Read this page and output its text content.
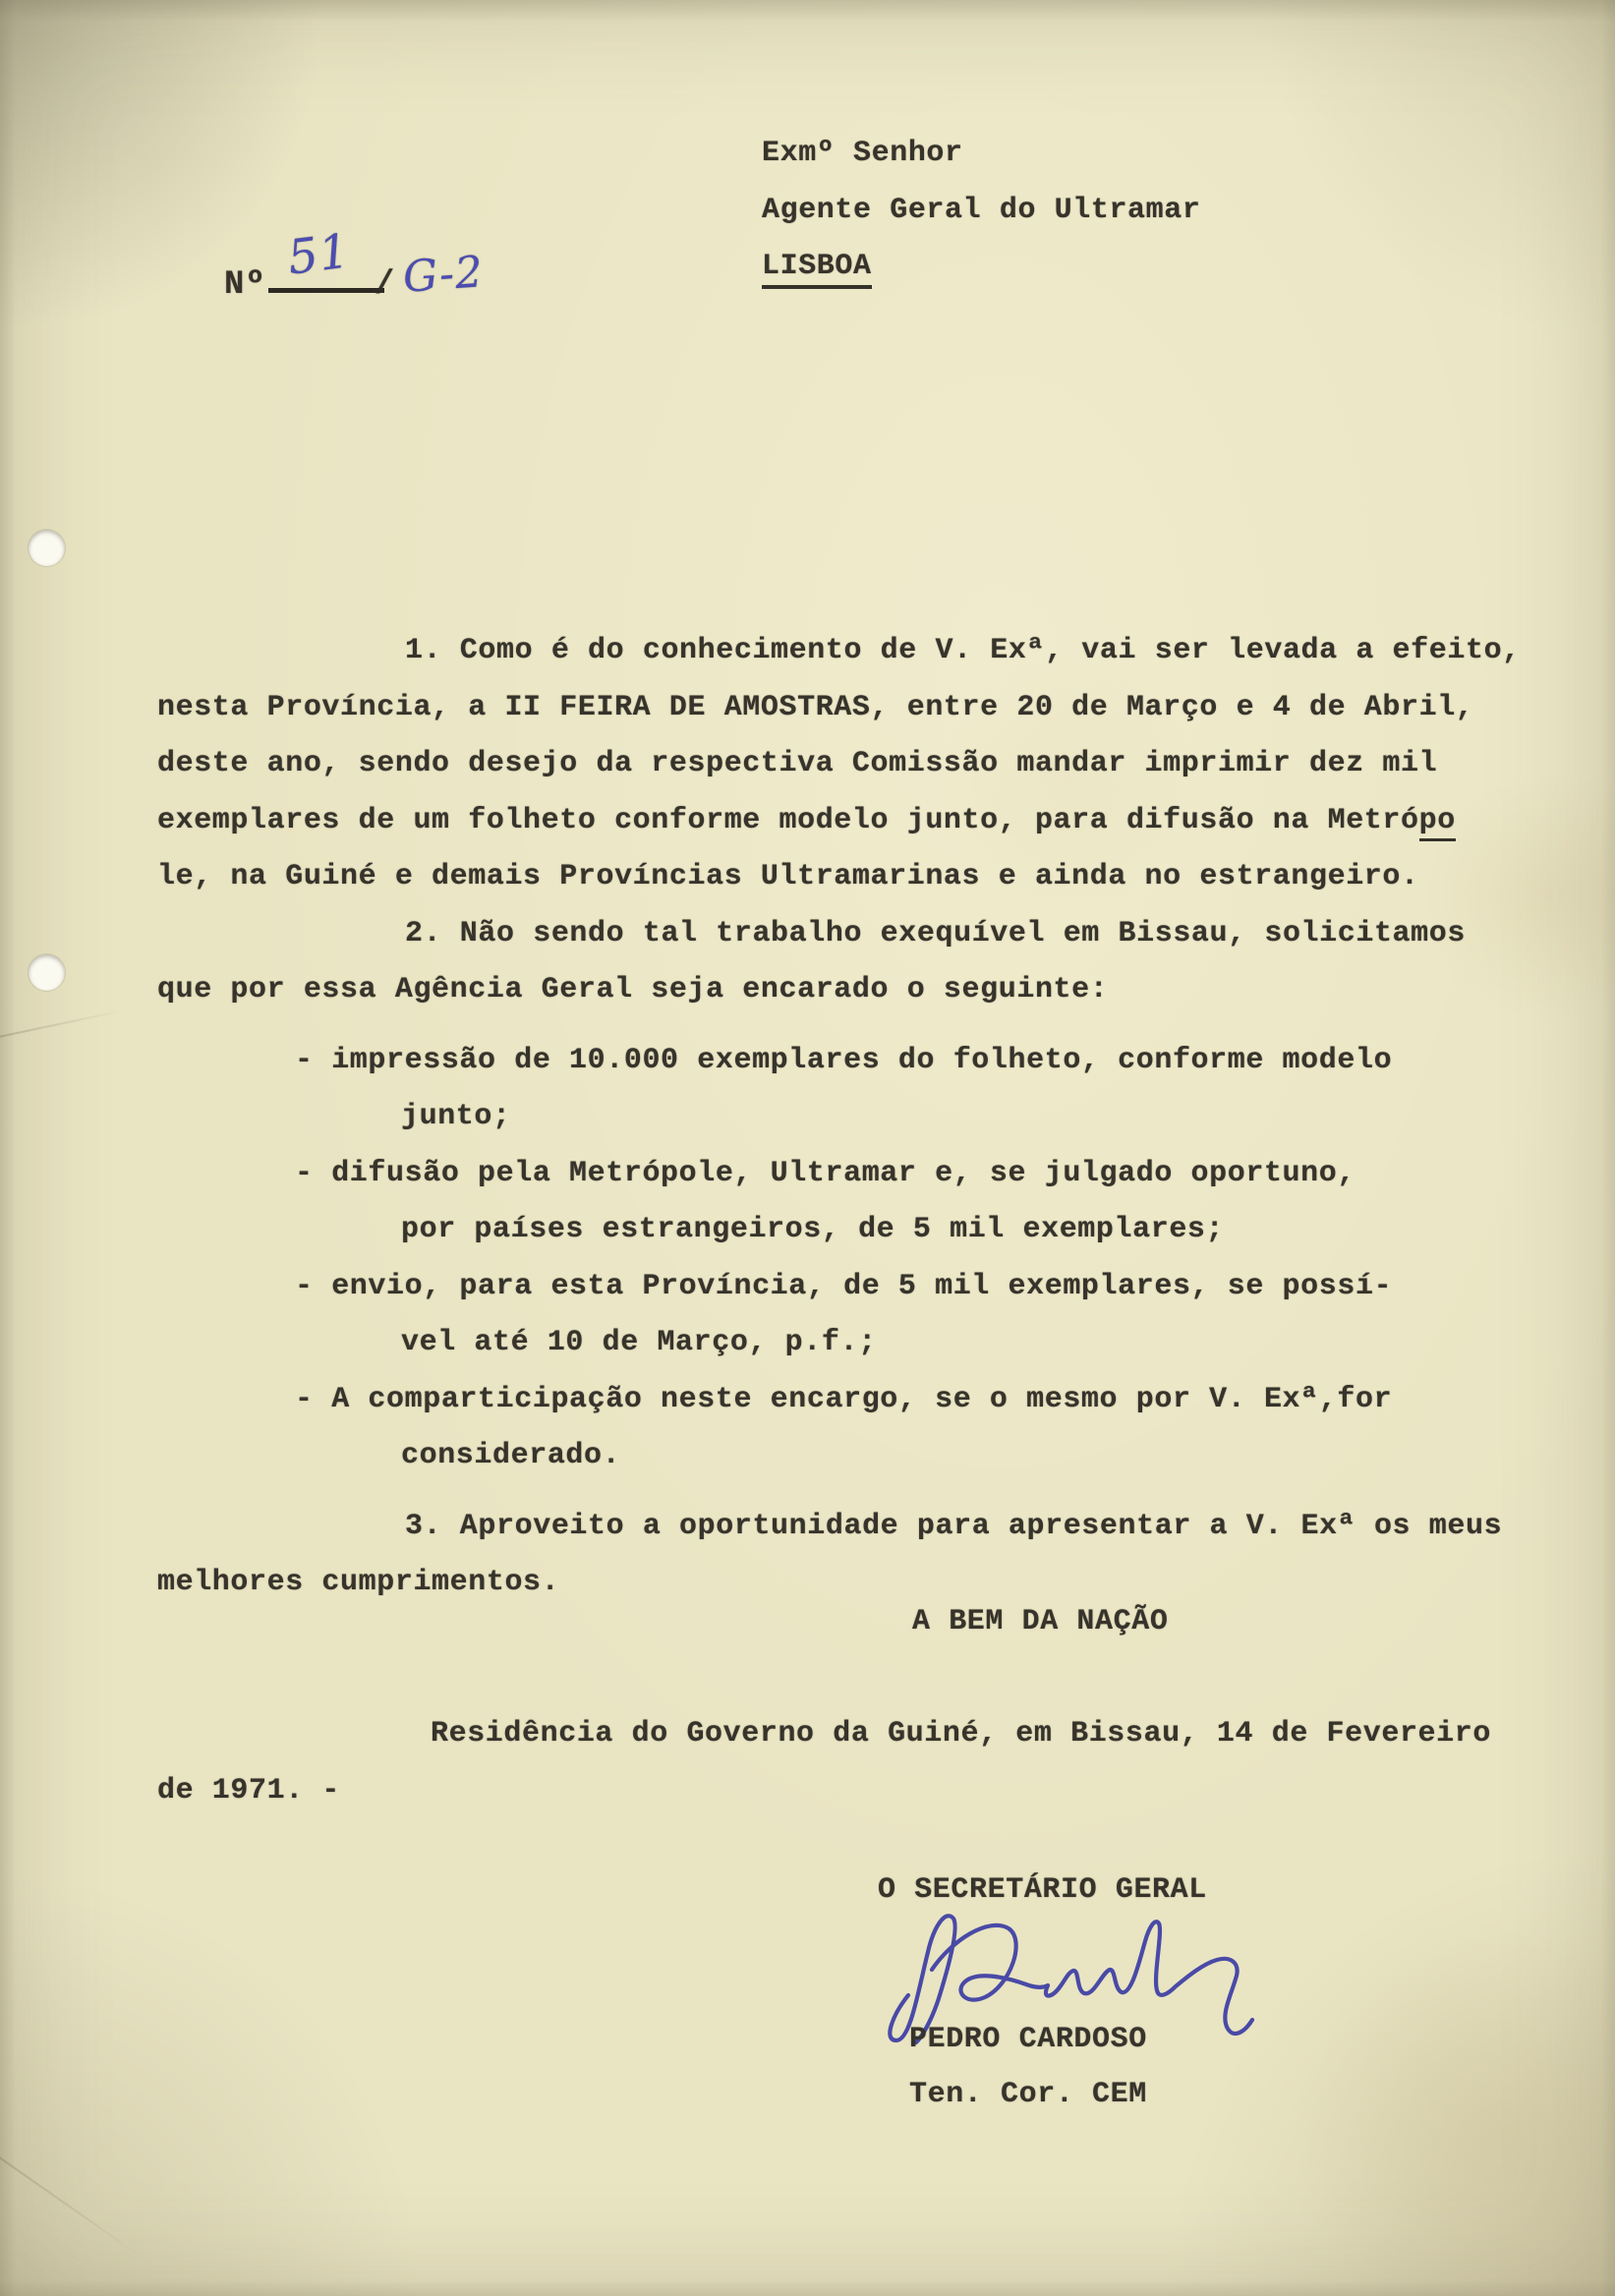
Nº 51 / G-2
Exmº Senhor
Agente Geral do Ultramar
LISBOA
1. Como é do conhecimento de V. Exª, vai ser levada a efeito,
nesta Província, a II FEIRA DE AMOSTRAS, entre 20 de Março e 4 de Abril,
deste ano, sendo desejo da respectiva Comissão mandar imprimir dez mil
exemplares de um folheto conforme modelo junto, para difusão na Metrópo
le, na Guiné e demais Províncias Ultramarinas e ainda no estrangeiro.
2. Não sendo tal trabalho exequível em Bissau, solicitamos
que por essa Agência Geral seja encarado o seguinte:
- impressão de 10.000 exemplares do folheto, conforme modelo
junto;
- difusão pela Metrópole, Ultramar e, se julgado oportuno,
por países estrangeiros, de 5 mil exemplares;
- envio, para esta Província, de 5 mil exemplares, se possí-
vel até 10 de Março, p.f.;
- A comparticipação neste encargo, se o mesmo por V. Exª,for
considerado.
3. Aproveito a oportunidade para apresentar a V. Exª os meus
melhores cumprimentos.
A BEM DA NAÇÃO
Residência do Governo da Guiné, em Bissau, 14 de Fevereiro
de 1971. -
O SECRETÁRIO GERAL
PEDRO CARDOSO
Ten. Cor. CEM
